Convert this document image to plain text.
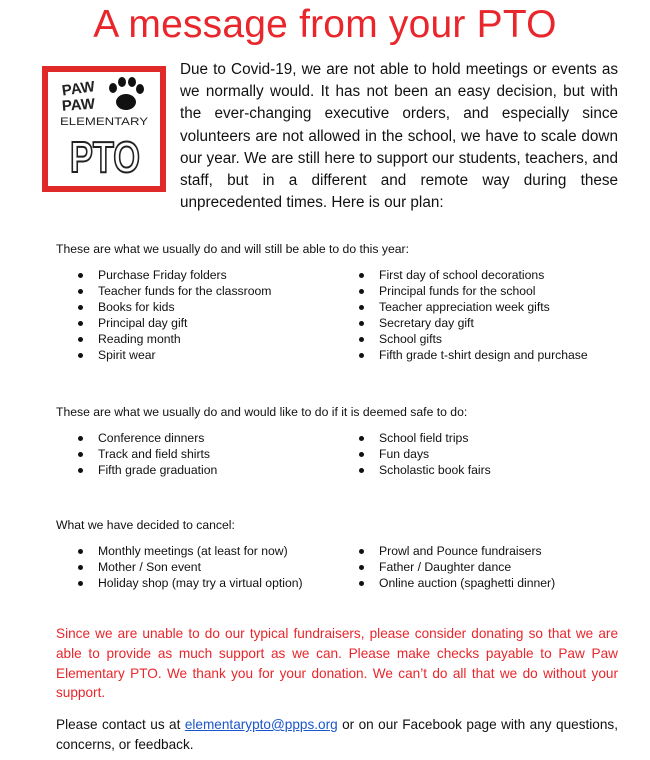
A message from your PTO
PAW
PAW
ELEMENTARY
PTO

Due to Covid-19, we are not able to hold meetings or events as we normally would. It has not been an easy decision, but with the ever-changing executive orders, and especially since volunteers are not allowed in the school, we have to scale down our year. We are still here to support our students, teachers, and staff, but in a different and remote way during these unprecedented times. Here is our plan:

These are what we usually do and will still be able to do this year:
Purchase Friday folders
Teacher funds for the classroom
Books for kids
Principal day gift
Reading month
Spirit wear
First day of school decorations
Principal funds for the school
Teacher appreciation week gifts
Secretary day gift
School gifts
Fifth grade t-shirt design and purchase
These are what we usually do and would like to do if it is deemed safe to do:
Conference dinners
Track and field shirts
Fifth grade graduation
School field trips
Fun days
Scholastic book fairs
What we have decided to cancel:
Monthly meetings (at least for now)
Mother / Son event
Holiday shop (may try a virtual option)
Prowl and Pounce fundraisers
Father / Daughter dance
Online auction (spaghetti dinner)

Since we are unable to do our typical fundraisers, please consider donating so that we are able to provide as much support as we can. Please make checks payable to Paw Paw Elementary PTO. We thank you for your donation. We can’t do all that we do without your support.

Please contact us at elementarypto@ppps.org or on our Facebook page with any questions, concerns, or feedback.
